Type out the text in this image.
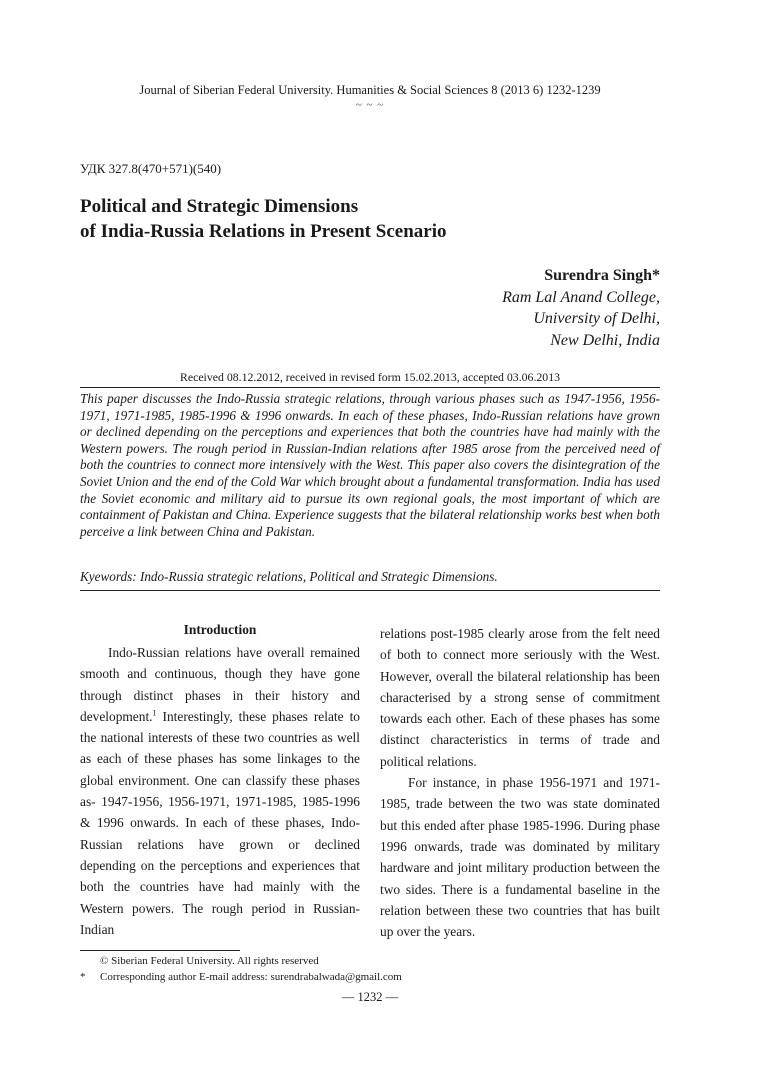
Journal of Siberian Federal University. Humanities & Social Sciences 8 (2013 6) 1232-1239
~ ~ ~
УДК 327.8(470+571)(540)
Political and Strategic Dimensions
of India-Russia Relations in Present Scenario
Surendra Singh*
Ram Lal Anand College,
University of Delhi,
New Delhi, India
Received 08.12.2012, received in revised form 15.02.2013, accepted 03.06.2013
This paper discusses the Indo-Russia strategic relations, through various phases such as 1947-1956, 1956-1971, 1971-1985, 1985-1996 & 1996 onwards. In each of these phases, Indo-Russian relations have grown or declined depending on the perceptions and experiences that both the countries have had mainly with the Western powers. The rough period in Russian-Indian relations after 1985 arose from the perceived need of both the countries to connect more intensively with the West. This paper also covers the disintegration of the Soviet Union and the end of the Cold War which brought about a fundamental transformation. India has used the Soviet economic and military aid to pursue its own regional goals, the most important of which are containment of Pakistan and China. Experience suggests that the bilateral relationship works best when both perceive a link between China and Pakistan.
Kyewords: Indo-Russia strategic relations, Political and Strategic Dimensions.
Introduction

Indo-Russian relations have overall remained smooth and continuous, though they have gone through distinct phases in their history and development.$^1$ Interestingly, these phases relate to the national interests of these two countries as well as each of these phases has some linkages to the global environment. One can classify these phases as- 1947-1956, 1956-1971, 1971-1985, 1985-1996 & 1996 onwards. In each of these phases, Indo-Russian relations have grown or declined depending on the perceptions and experiences that both the countries have had mainly with the Western powers. The rough period in Russian-Indian

relations post-1985 clearly arose from the felt need of both to connect more seriously with the West. However, overall the bilateral relationship has been characterised by a strong sense of commitment towards each other. Each of these phases has some distinct characteristics in terms of trade and political relations.

For instance, in phase 1956-1971 and 1971-1985, trade between the two was state dominated but this ended after phase 1985-1996. During phase 1996 onwards, trade was dominated by military hardware and joint military production between the two sides. There is a fundamental baseline in the relation between these two countries that has built up over the years.

© Siberian Federal University. All rights reserved
*	Corresponding author E-mail address: surendrabalwada@gmail.com
— 1232 —
